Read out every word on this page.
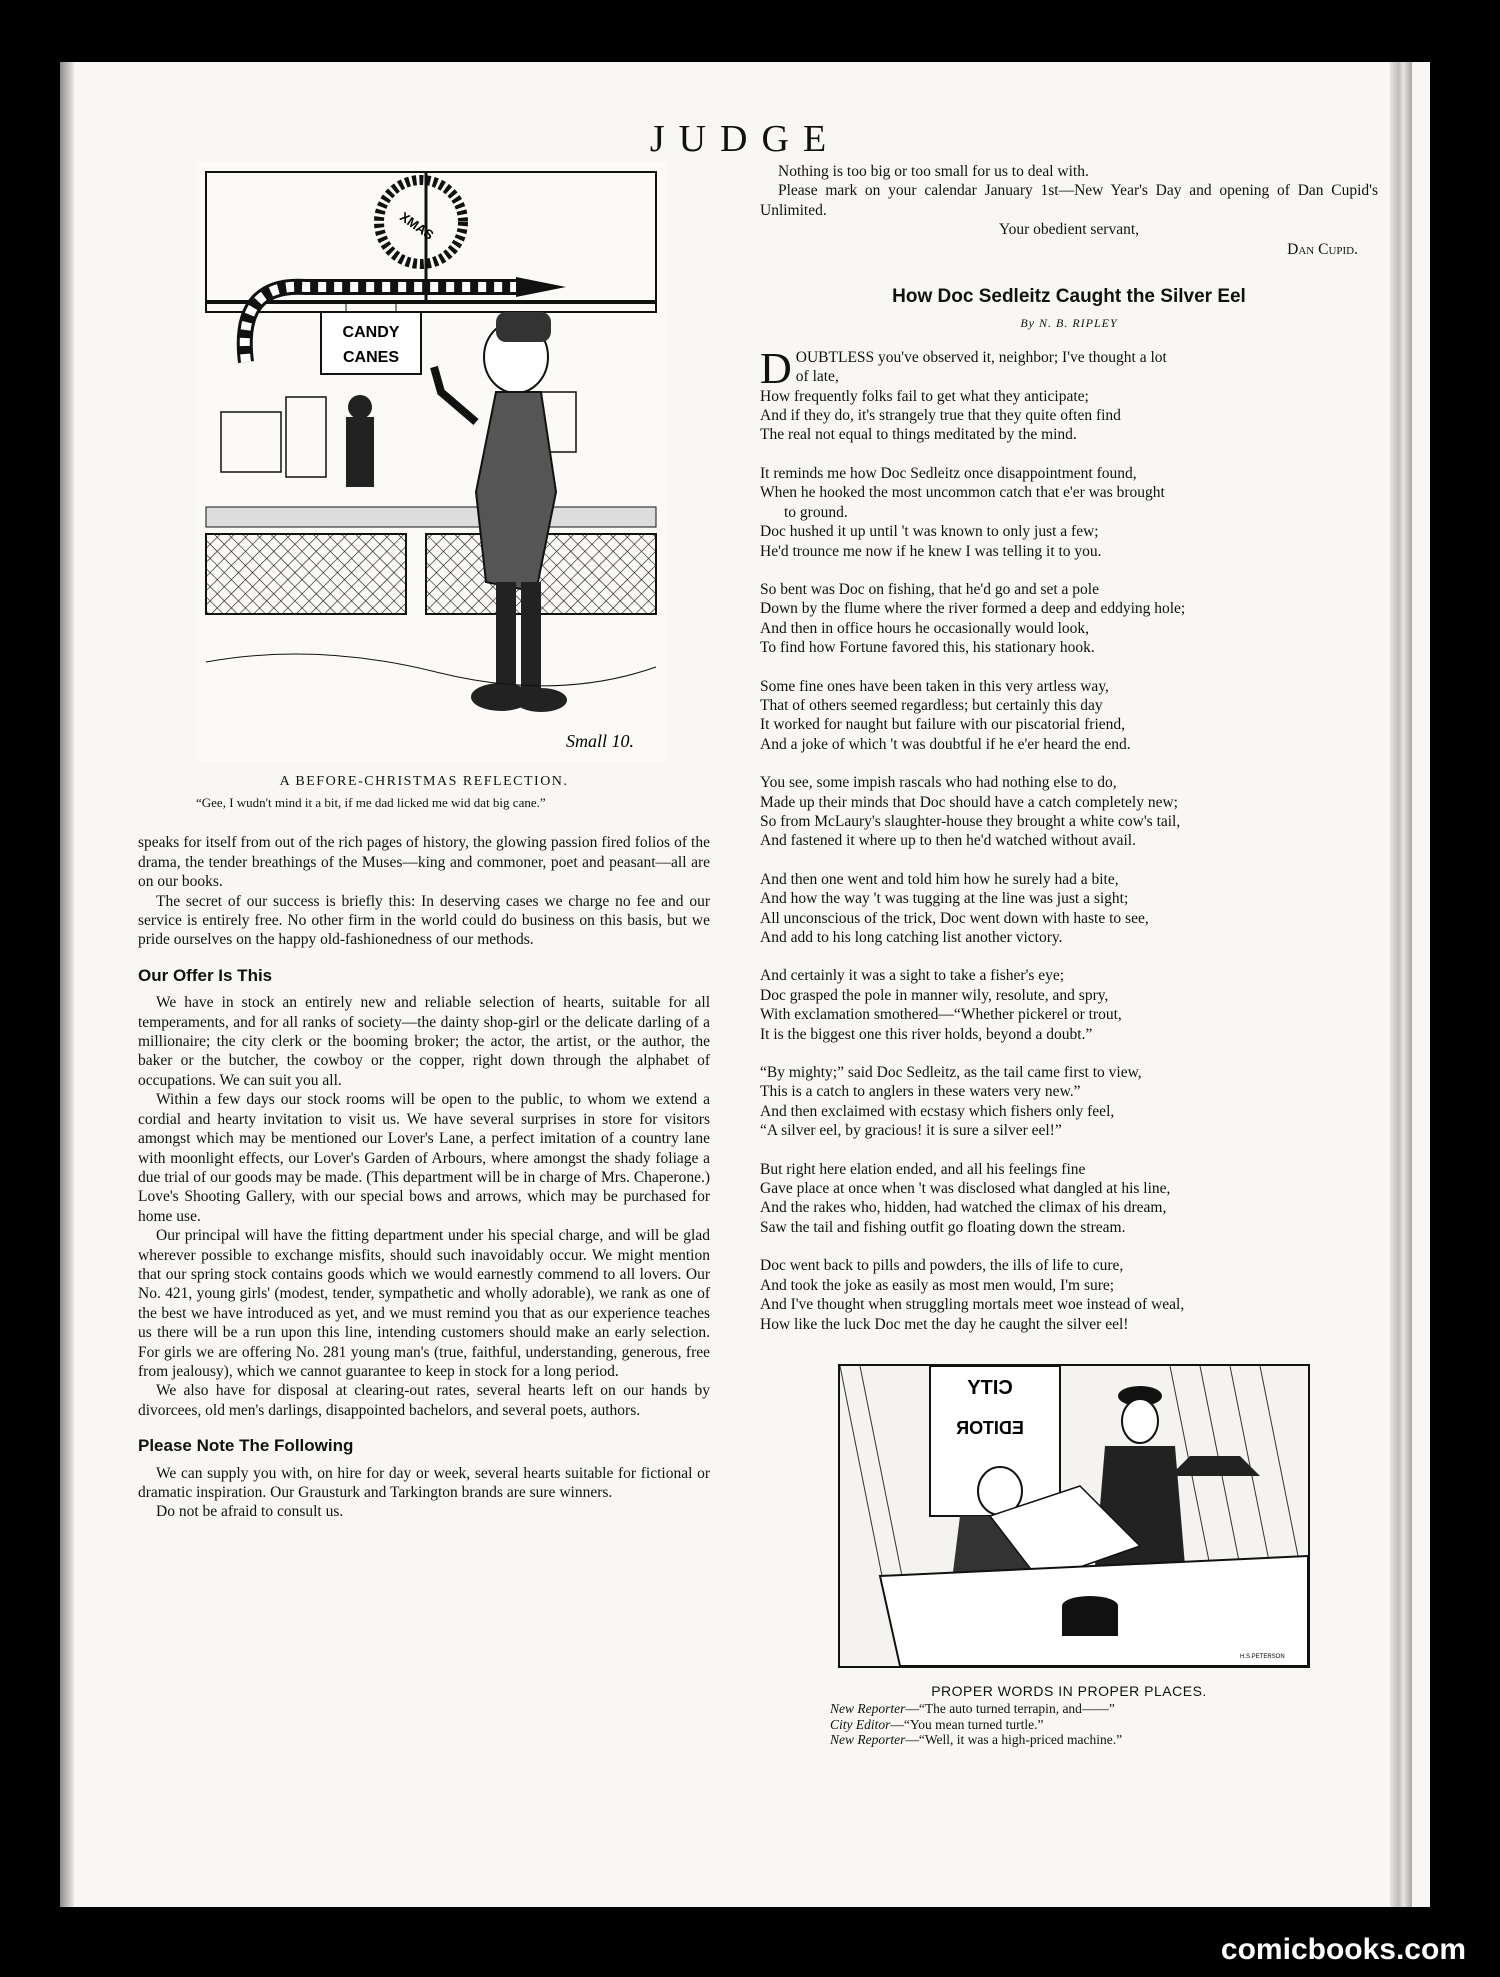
JUDGE
XMAS
CANDY
CANES
Small 10.
A BEFORE-CHRISTMAS REFLECTION.
“Gee, I wudn't mind it a bit, if me dad licked me wid dat big cane.”

speaks for itself from out of the rich pages of history, the glowing passion fired folios of the drama, the tender breathings of the Muses—king and commoner, poet and peasant—all are on our books.

The secret of our success is briefly this: In deserving cases we charge no fee and our service is entirely free. No other firm in the world could do business on this basis, but we pride ourselves on the happy old-fashionedness of our methods.

Our Offer Is This

We have in stock an entirely new and reliable selection of hearts, suitable for all temperaments, and for all ranks of society—the dainty shop-girl or the delicate darling of a millionaire; the city clerk or the booming broker; the actor, the artist, or the author, the baker or the butcher, the cowboy or the copper, right down through the alphabet of occupations. We can suit you all.

Within a few days our stock rooms will be open to the public, to whom we extend a cordial and hearty invitation to visit us. We have several surprises in store for visitors amongst which may be mentioned our Lover's Lane, a perfect imitation of a country lane with moonlight effects, our Lover's Garden of Arbours, where amongst the shady foliage a due trial of our goods may be made. (This department will be in charge of Mrs. Chaperone.) Love's Shooting Gallery, with our special bows and arrows, which may be purchased for home use.

Our principal will have the fitting department under his special charge, and will be glad wherever possible to exchange misfits, should such inavoidably occur. We might mention that our spring stock contains goods which we would earnestly commend to all lovers. Our No. 421, young girls' (modest, tender, sympathetic and wholly adorable), we rank as one of the best we have introduced as yet, and we must remind you that as our experience teaches us there will be a run upon this line, intending customers should make an early selection. For girls we are offering No. 281 young man's (true, faithful, understanding, generous, free from jealousy), which we cannot guarantee to keep in stock for a long period.

We also have for disposal at clearing-out rates, several hearts left on our hands by divorcees, old men's darlings, disappointed bachelors, and several poets, authors.

Please Note The Following

We can supply you with, on hire for day or week, several hearts suitable for fictional or dramatic inspiration. Our Grausturk and Tarkington brands are sure winners.

Do not be afraid to consult us.

Nothing is too big or too small for us to deal with.

Please mark on your calendar January 1st—New Year's Day and opening of Dan Cupid's Unlimited.

Your obedient servant,
Dan Cupid.
How Doc Sedleitz Caught the Silver Eel
By N. B. RIPLEY
DOUBTLESS you've observed it, neighbor; I've thought a lot
of late,
How frequently folks fail to get what they anticipate;
And if they do, it's strangely true that they quite often find
The real not equal to things meditated by the mind.
It reminds me how Doc Sedleitz once disappointment found,
When he hooked the most uncommon catch that e'er was brought
to ground.
Doc hushed it up until 't was known to only just a few;
He'd trounce me now if he knew I was telling it to you.
So bent was Doc on fishing, that he'd go and set a pole
Down by the flume where the river formed a deep and eddying hole;
And then in office hours he occasionally would look,
To find how Fortune favored this, his stationary hook.
Some fine ones have been taken in this very artless way,
That of others seemed regardless; but certainly this day
It worked for naught but failure with our piscatorial friend,
And a joke of which 't was doubtful if he e'er heard the end.
You see, some impish rascals who had nothing else to do,
Made up their minds that Doc should have a catch completely new;
So from McLaury's slaughter-house they brought a white cow's tail,
And fastened it where up to then he'd watched without avail.
And then one went and told him how he surely had a bite,
And how the way 't was tugging at the line was just a sight;
All unconscious of the trick, Doc went down with haste to see,
And add to his long catching list another victory.
And certainly it was a sight to take a fisher's eye;
Doc grasped the pole in manner wily, resolute, and spry,
With exclamation smothered—“Whether pickerel or trout,
It is the biggest one this river holds, beyond a doubt.”
“By mighty;” said Doc Sedleitz, as the tail came first to view,
This is a catch to anglers in these waters very new.”
And then exclaimed with ecstasy which fishers only feel,
“A silver eel, by gracious! it is sure a silver eel!”
But right here elation ended, and all his feelings fine
Gave place at once when 't was disclosed what dangled at his line,
And the rakes who, hidden, had watched the climax of his dream,
Saw the tail and fishing outfit go floating down the stream.
Doc went back to pills and powders, the ills of life to cure,
And took the joke as easily as most men would, I'm sure;
And I've thought when struggling mortals meet woe instead of weal,
How like the luck Doc met the day he caught the silver eel!
CITY
EDITOR
H.S.PETERSON
PROPER WORDS IN PROPER PLACES.
New Reporter—“The auto turned terrapin, and——”
City Editor—“You mean turned turtle.”
New Reporter—“Well, it was a high-priced machine.”
comicbooks.com
